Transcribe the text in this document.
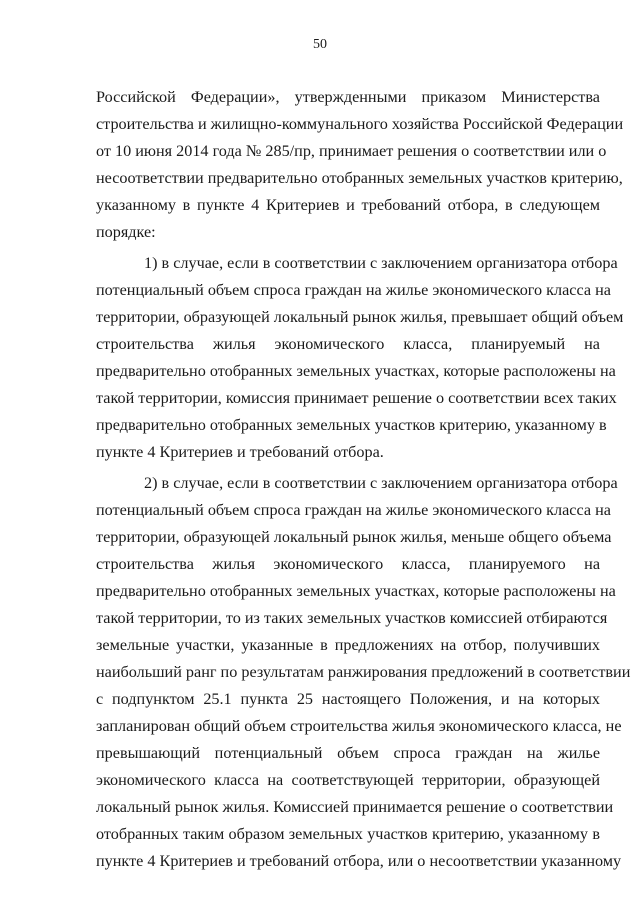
50
Российской Федерации», утвержденными приказом Министерства
строительства и жилищно-коммунального хозяйства Российской Федерации
от 10 июня 2014 года № 285/пр, принимает решения о соответствии или о
несоответствии предварительно отобранных земельных участков критерию,
указанному в пункте 4 Критериев и требований отбора, в следующем
порядке:
1) в случае, если в соответствии с заключением организатора отбора
потенциальный объем спроса граждан на жилье экономического класса на
территории, образующей локальный рынок жилья, превышает общий объем
строительства жилья экономического класса, планируемый на
предварительно отобранных земельных участках, которые расположены на
такой территории, комиссия принимает решение о соответствии всех таких
предварительно отобранных земельных участков критерию, указанному в
пункте 4 Критериев и требований отбора.
2) в случае, если в соответствии с заключением организатора отбора
потенциальный объем спроса граждан на жилье экономического класса на
территории, образующей локальный рынок жилья, меньше общего объема
строительства жилья экономического класса, планируемого на
предварительно отобранных земельных участках, которые расположены на
такой территории, то из таких земельных участков комиссией отбираются
земельные участки, указанные в предложениях на отбор, получивших
наибольший ранг по результатам ранжирования предложений в соответствии
с подпунктом 25.1 пункта 25 настоящего Положения, и на которых
запланирован общий объем строительства жилья экономического класса, не
превышающий потенциальный объем спроса граждан на жилье
экономического класса на соответствующей территории, образующей
локальный рынок жилья. Комиссией принимается решение о соответствии
отобранных таким образом земельных участков критерию, указанному в
пункте 4 Критериев и требований отбора, или о несоответствии указанному
